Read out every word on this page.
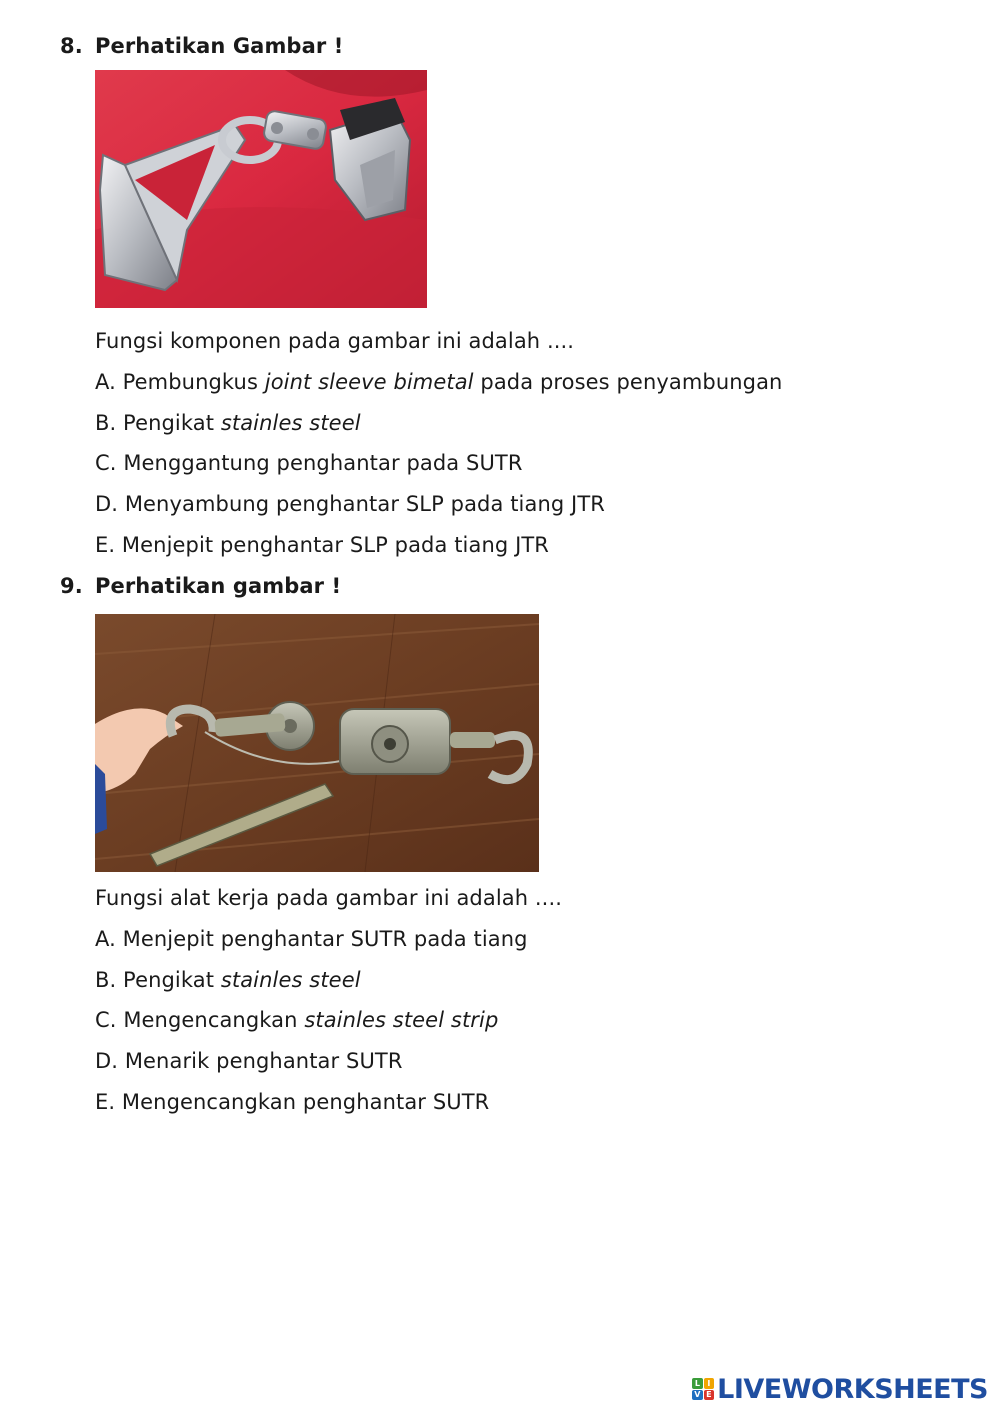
8. Perhatikan Gambar !
Fungsi komponen pada gambar ini adalah ....
A. Pembungkus joint sleeve bimetal pada proses penyambungan
B. Pengikat stainles steel
C. Menggantung penghantar pada SUTR
D. Menyambung penghantar SLP pada tiang JTR
E. Menjepit penghantar SLP pada tiang JTR
9. Perhatikan gambar !
Fungsi alat kerja pada gambar ini adalah ....
A. Menjepit penghantar SUTR pada tiang
B. Pengikat stainles steel
C. Mengencangkan stainles steel strip
D. Menarik penghantar SUTR
E. Mengencangkan penghantar SUTR
L I
V E LIVEWORKSHEETS
